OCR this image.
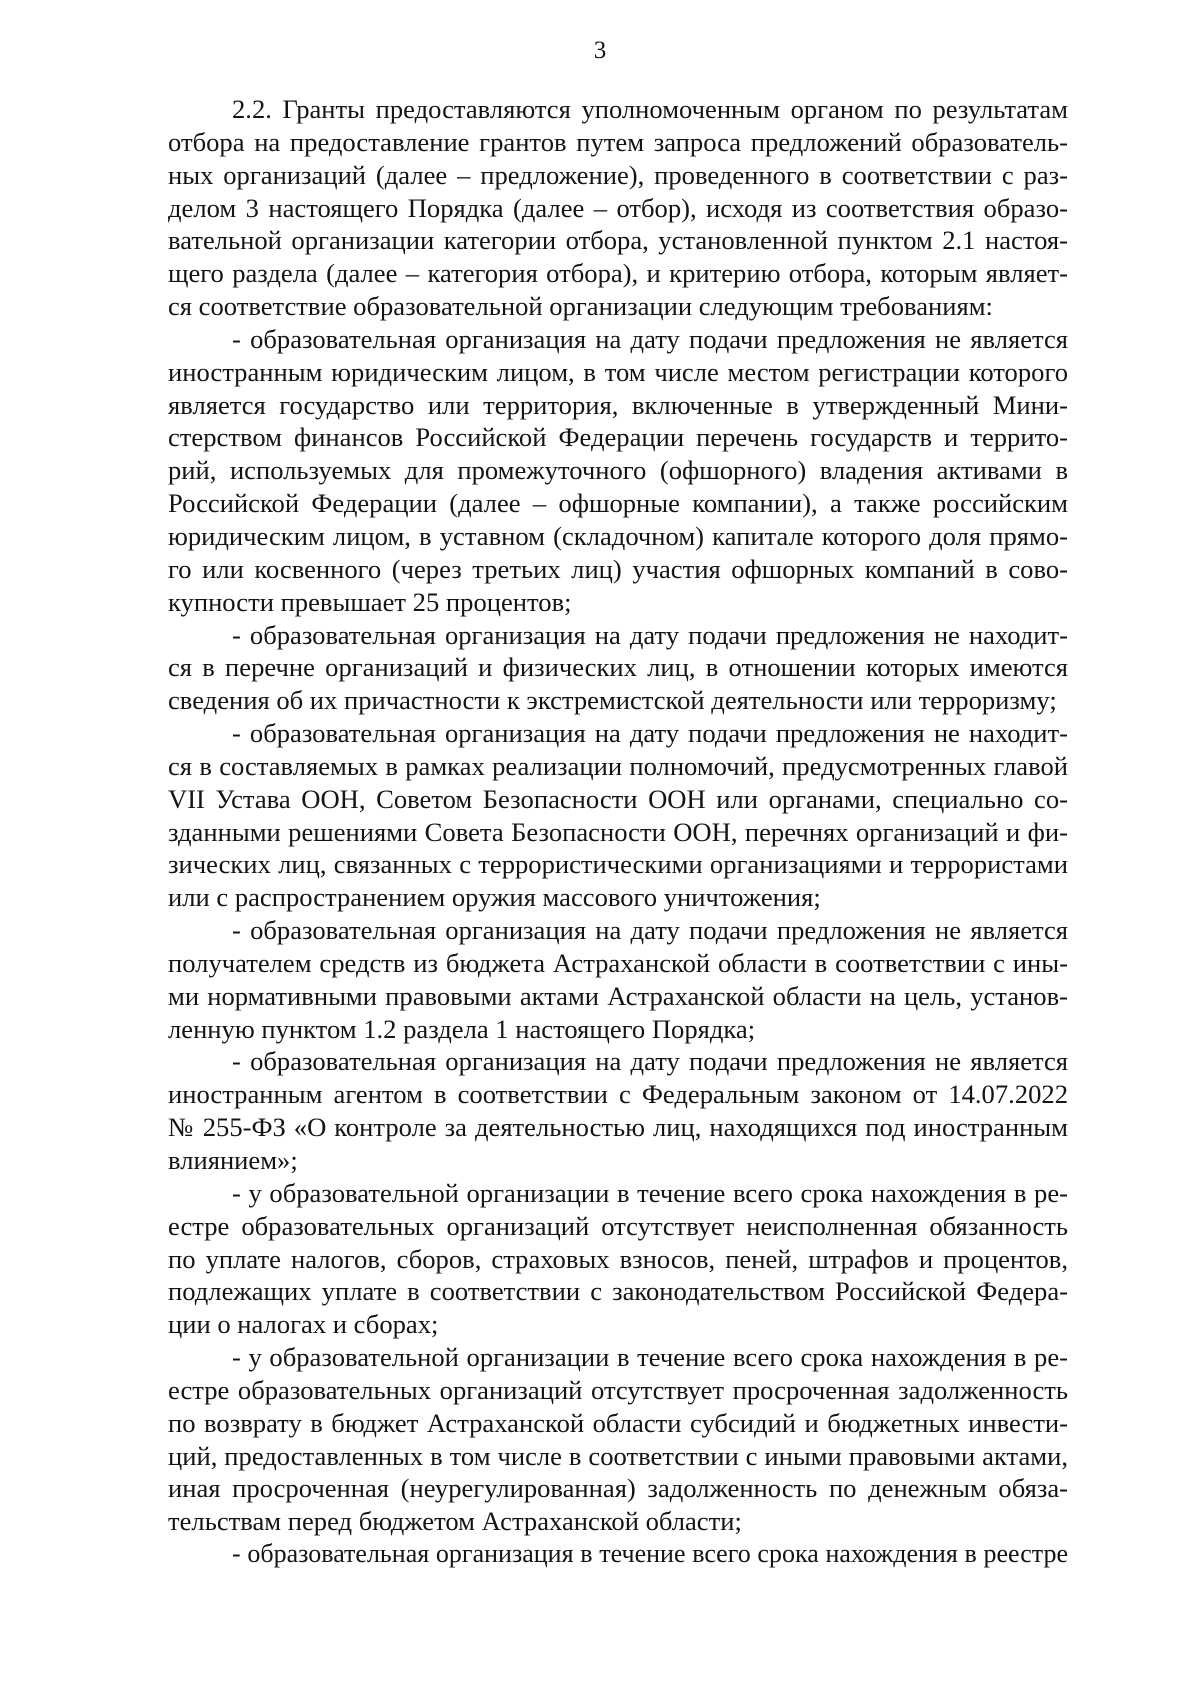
3
2.2. Гранты предоставляются уполномоченным органом по результатам
отбора на предоставление грантов путем запроса предложений образователь-
ных организаций (далее – предложение), проведенного в соответствии с раз-
делом 3 настоящего Порядка (далее – отбор), исходя из соответствия образо-
вательной организации категории отбора, установленной пунктом 2.1 настоя-
щего раздела (далее – категория отбора), и критерию отбора, которым являет-
ся соответствие образовательной организации следующим требованиям:
- образовательная организация на дату подачи предложения не является
иностранным юридическим лицом, в том числе местом регистрации которого
является государство или территория, включенные в утвержденный Мини-
стерством финансов Российской Федерации перечень государств и террито-
рий, используемых для промежуточного (офшорного) владения активами в
Российской Федерации (далее – офшорные компании), а также российским
юридическим лицом, в уставном (складочном) капитале которого доля прямо-
го или косвенного (через третьих лиц) участия офшорных компаний в сово-
купности превышает 25 процентов;
- образовательная организация на дату подачи предложения не находит-
ся в перечне организаций и физических лиц, в отношении которых имеются
сведения об их причастности к экстремистской деятельности или терроризму;
- образовательная организация на дату подачи предложения не находит-
ся в составляемых в рамках реализации полномочий, предусмотренных главой
VII Устава ООН, Советом Безопасности ООН или органами, специально со-
зданными решениями Совета Безопасности ООН, перечнях организаций и фи-
зических лиц, связанных с террористическими организациями и террористами
или с распространением оружия массового уничтожения;
- образовательная организация на дату подачи предложения не является
получателем средств из бюджета Астраханской области в соответствии с ины-
ми нормативными правовыми актами Астраханской области на цель, установ-
ленную пунктом 1.2 раздела 1 настоящего Порядка;
- образовательная организация на дату подачи предложения не является
иностранным агентом в соответствии с Федеральным законом от 14.07.2022
№ 255-ФЗ «О контроле за деятельностью лиц, находящихся под иностранным
влиянием»;
- у образовательной организации в течение всего срока нахождения в ре-
естре образовательных организаций отсутствует неисполненная обязанность
по уплате налогов, сборов, страховых взносов, пеней, штрафов и процентов,
подлежащих уплате в соответствии с законодательством Российской Федера-
ции о налогах и сборах;
- у образовательной организации в течение всего срока нахождения в ре-
естре образовательных организаций отсутствует просроченная задолженность
по возврату в бюджет Астраханской области субсидий и бюджетных инвести-
ций, предоставленных в том числе в соответствии с иными правовыми актами,
иная просроченная (неурегулированная) задолженность по денежным обяза-
тельствам перед бюджетом Астраханской области;
- образовательная организация в течение всего срока нахождения в реестре
